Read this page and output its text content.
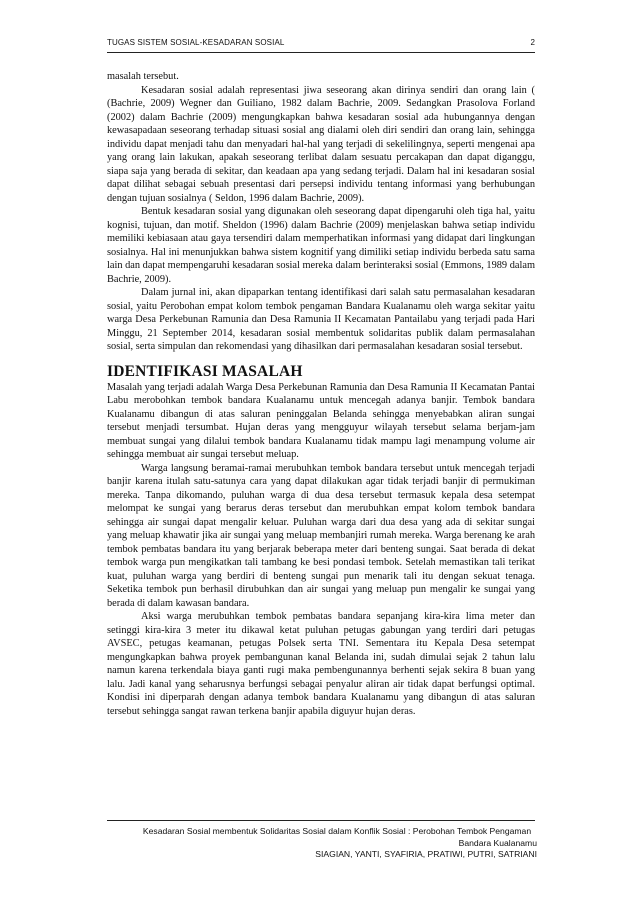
TUGAS SISTEM SOSIAL-KESADARAN SOSIAL	2

masalah tersebut.

Kesadaran sosial adalah representasi jiwa seseorang akan dirinya sendiri dan orang lain ( (Bachrie, 2009) Wegner dan Guiliano, 1982 dalam Bachrie, 2009. Sedangkan Prasolova Forland (2002) dalam Bachrie (2009) mengungkapkan bahwa kesadaran sosial ada hubungannya dengan kewasapadaan seseorang terhadap situasi sosial ang dialami oleh diri sendiri dan orang lain, sehingga individu dapat menjadi tahu dan menyadari hal-hal yang terjadi di sekelilingnya, seperti mengenai apa yang orang lain lakukan, apakah seseorang terlibat dalam sesuatu percakapan dan dapat diganggu, siapa saja yang berada di sekitar, dan keadaan apa yang sedang terjadi. Dalam hal ini kesadaran sosial dapat dilihat sebagai sebuah presentasi dari persepsi individu tentang informasi yang berhubungan dengan tujuan sosialnya ( Seldon, 1996 dalam Bachrie, 2009).

Bentuk kesadaran sosial yang digunakan oleh seseorang dapat dipengaruhi oleh tiga hal, yaitu kognisi, tujuan, dan motif. Sheldon (1996) dalam Bachrie (2009) menjelaskan bahwa setiap individu memiliki kebiasaan atau gaya tersendiri dalam memperhatikan informasi yang didapat dari lingkungan sosialnya. Hal ini menunjukkan bahwa sistem kognitif yang dimiliki setiap individu berbeda satu sama lain dan dapat mempengaruhi kesadaran sosial mereka dalam berinteraksi sosial (Emmons, 1989 dalam Bachrie, 2009).

Dalam jurnal ini, akan dipaparkan tentang identifikasi dari salah satu permasalahan kesadaran sosial, yaitu Perobohan empat kolom tembok pengaman Bandara Kualanamu oleh warga sekitar yaitu warga Desa Perkebunan Ramunia dan Desa Ramunia II Kecamatan Pantailabu yang terjadi pada Hari Minggu, 21 September 2014, kesadaran sosial membentuk solidaritas publik dalam permasalahan sosial, serta simpulan dan rekomendasi yang dihasilkan dari permasalahan kesadaran sosial tersebut.

IDENTIFIKASI MASALAH

Masalah yang terjadi adalah Warga Desa Perkebunan Ramunia dan Desa Ramunia II Kecamatan Pantai Labu merobohkan tembok bandara Kualanamu untuk mencegah adanya banjir. Tembok bandara Kualanamu dibangun di atas saluran peninggalan Belanda sehingga menyebabkan aliran sungai tersebut menjadi tersumbat. Hujan deras yang mengguyur wilayah tersebut selama berjam-jam membuat sungai yang dilalui tembok bandara Kualanamu tidak mampu lagi menampung volume air sehingga membuat air sungai tersebut meluap.

Warga langsung beramai-ramai merubuhkan tembok bandara tersebut untuk mencegah terjadi banjir karena itulah satu-satunya cara yang dapat dilakukan agar tidak terjadi banjir di permukiman mereka. Tanpa dikomando, puluhan warga di dua desa tersebut termasuk kepala desa setempat melompat ke sungai yang berarus deras tersebut dan merubuhkan empat kolom tembok bandara sehingga air sungai dapat mengalir keluar. Puluhan warga dari dua desa yang ada di sekitar sungai yang meluap khawatir jika air sungai yang meluap membanjiri rumah mereka. Warga berenang ke arah tembok pembatas bandara itu yang berjarak beberapa meter dari benteng sungai. Saat berada di dekat tembok warga pun mengikatkan tali tambang ke besi pondasi tembok. Setelah memastikan tali terikat kuat, puluhan warga yang berdiri di benteng sungai pun menarik tali itu dengan sekuat tenaga. Seketika tembok pun berhasil dirubuhkan dan air sungai yang meluap pun mengalir ke sungai yang berada di dalam kawasan bandara.

Aksi warga merubuhkan tembok pembatas bandara sepanjang kira-kira lima meter dan setinggi kira-kira 3 meter itu dikawal ketat puluhan petugas gabungan yang terdiri dari petugas AVSEC, petugas keamanan, petugas Polsek serta TNI. Sementara itu Kepala Desa setempat mengungkapkan bahwa proyek pembangunan kanal Belanda ini, sudah dimulai sejak 2 tahun lalu namun karena terkendala biaya ganti rugi maka pembengunannya berhenti sejak sekira 8 buan yang lalu. Jadi kanal yang seharusnya berfungsi sebagai penyalur aliran air tidak dapat berfungsi optimal. Kondisi ini diperparah dengan adanya tembok bandara Kualanamu yang dibangun di atas saluran tersebut sehingga sangat rawan terkena banjir apabila diguyur hujan deras.

Kesadaran Sosial membentuk Solidaritas Sosial dalam Konflik Sosial : Perobohan Tembok Pengaman
Bandara Kualanamu
SIAGIAN, YANTI, SYAFIRIA, PRATIWI, PUTRI, SATRIANI
